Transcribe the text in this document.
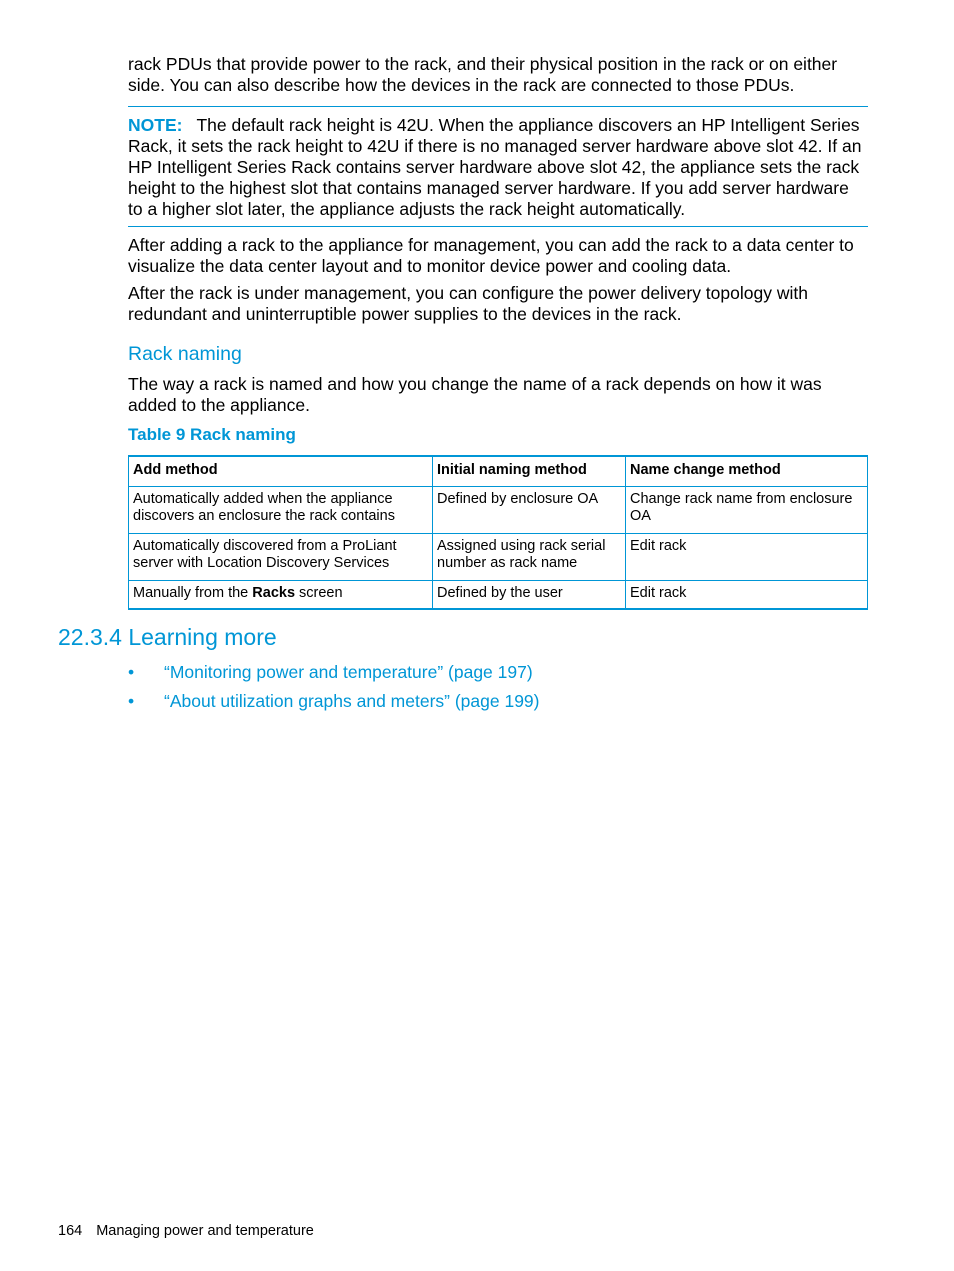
rack PDUs that provide power to the rack, and their physical position in the rack or on either side. You can also describe how the devices in the rack are connected to those PDUs.

NOTE: The default rack height is 42U. When the appliance discovers an HP Intelligent Series Rack, it sets the rack height to 42U if there is no managed server hardware above slot 42. If an HP Intelligent Series Rack contains server hardware above slot 42, the appliance sets the rack height to the highest slot that contains managed server hardware. If you add server hardware to a higher slot later, the appliance adjusts the rack height automatically.

After adding a rack to the appliance for management, you can add the rack to a data center to visualize the data center layout and to monitor device power and cooling data.

After the rack is under management, you can configure the power delivery topology with redundant and uninterruptible power supplies to the devices in the rack.

Rack naming

The way a rack is named and how you change the name of a rack depends on how it was added to the appliance.

Table 9 Rack naming
Add method	Initial naming method	Name change method
Automatically added when the appliance discovers an enclosure the rack contains	Defined by enclosure OA	Change rack name from enclosure OA
Automatically discovered from a ProLiant server with Location Discovery Services	Assigned using rack serial number as rack name	Edit rack
Manually from the Racks screen	Defined by the user	Edit rack
22.3.4 Learning more
• “Monitoring power and temperature” (page 197)
• “About utilization graphs and meters” (page 199)
164 Managing power and temperature
